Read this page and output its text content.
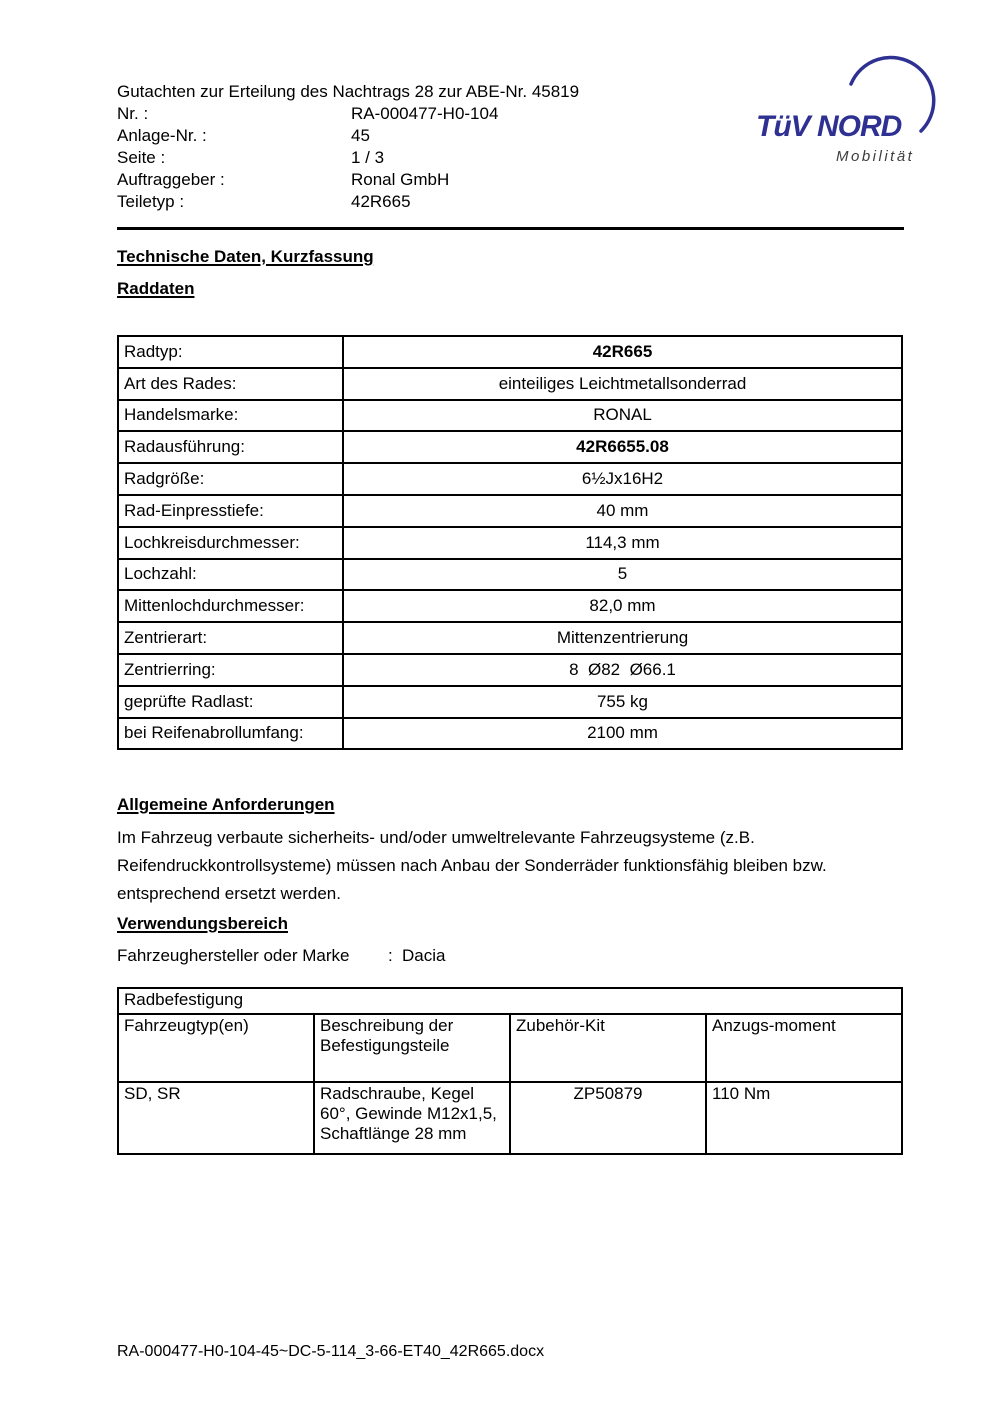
Gutachten zur Erteilung des Nachtrags 28 zur ABE-Nr. 45819
Nr. :	RA-000477-H0-104
Anlage-Nr. :	45
Seite :	1 / 3
Auftraggeber :	Ronal GmbH
Teiletyp :	42R665
TüV NORD
Mobilität
Technische Daten, Kurzfassung
Raddaten
Radtyp:	42R665
Art des Rades:	einteiliges Leichtmetallsonderrad
Handelsmarke:	RONAL
Radausführung:	42R6655.08
Radgröße:	6½Jx16H2
Rad-Einpresstiefe:	40 mm
Lochkreisdurchmesser:	114,3 mm
Lochzahl:	5
Mittenlochdurchmesser:	82,0 mm
Zentrierart:	Mittenzentrierung
Zentrierring:	8  Ø82  Ø66.1
geprüfte Radlast:	755 kg
bei Reifenabrollumfang:	2100 mm
Allgemeine Anforderungen
Im Fahrzeug verbaute sicherheits- und/oder umweltrelevante Fahrzeugsysteme (z.B. Reifendruckkontrollsysteme) müssen nach Anbau der Sonderräder funktionsfähig bleiben bzw. entsprechend ersetzt werden.
Verwendungsbereich
Fahrzeughersteller oder Marke	: Dacia
Radbefestigung			
Fahrzeugtyp(en)	Beschreibung der Befestigungsteile	Zubehör-Kit	Anzugs-moment
SD, SR	Radschraube, Kegel 60°, Gewinde M12x1,5, Schaftlänge 28 mm	ZP50879	110 Nm
RA-000477-H0-104-45~DC-5-114_3-66-ET40_42R665.docx
